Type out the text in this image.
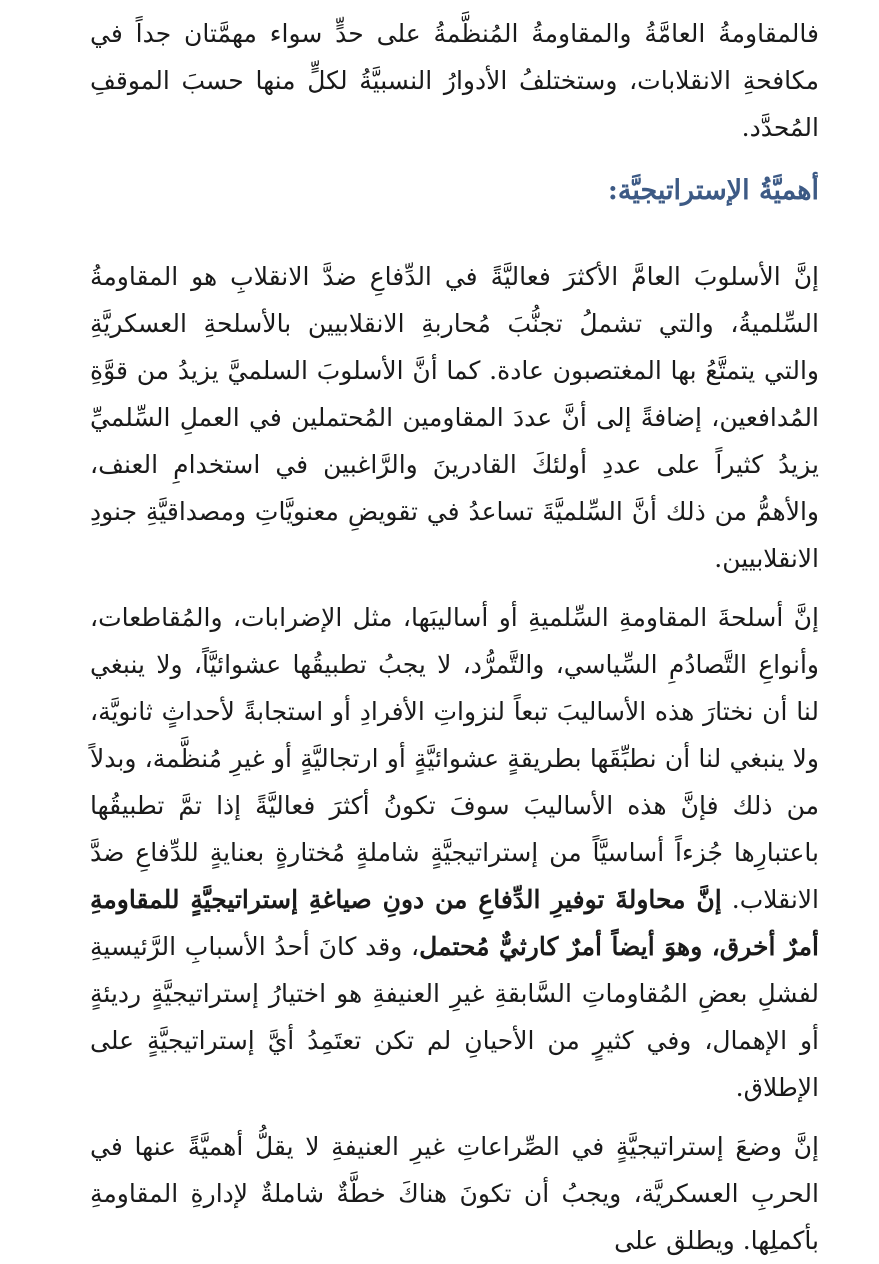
فالمقاومةُ العامَّةُ والمقاومةُ المُنظَّمةُ على حدٍّ سواء مهمَّتان جداً في مكافحةِ الانقلابات، وستختلفُ الأدوارُ النسبيَّةُ لكلٍّ منها حسبَ الموقفِ المُحدَّد.

أهميَّةُ الإستراتيجيَّة:

إنَّ الأسلوبَ العامَّ الأكثرَ فعاليَّةً في الدِّفاعِ ضدَّ الانقلابِ هو المقاومةُ السِّلميةُ، والتي تشملُ تجنُّبَ مُحاربةِ الانقلابيين بالأسلحةِ العسكريَّةِ والتي يتمتَّعُ بها المغتصبون عادة. كما أنَّ الأسلوبَ السلميَّ يزيدُ من قوَّةِ المُدافعين، إضافةً إلى أنَّ عددَ المقاومين المُحتملين في العملِ السِّلميِّ يزيدُ كثيراً على عددِ أولئكَ القادرينَ والرَّاغبين في استخدامِ العنف، والأهمُّ من ذلك أنَّ السِّلميَّةَ تساعدُ في تقويضِ معنويَّاتِ ومصداقيَّةِ جنودِ الانقلابيين.

إنَّ أسلحةَ المقاومةِ السِّلميةِ أو أساليبَها، مثل الإضرابات، والمُقاطعات، وأنواعِ التَّصادُمِ السِّياسي، والتَّمرُّد، لا يجبُ تطبيقُها عشوائيَّاً، ولا ينبغي لنا أن نختارَ هذه الأساليبَ تبعاً لنزواتِ الأفرادِ أو استجابةً لأحداثٍ ثانويَّة، ولا ينبغي لنا أن نطبِّقَها بطريقةٍ عشوائيَّةٍ أو ارتجاليَّةٍ أو غيرِ مُنظَّمة، وبدلاً من ذلك فإنَّ هذه الأساليبَ سوفَ تكونُ أكثرَ فعاليَّةً إذا تمَّ تطبيقُها باعتبارِها جُزءاً أساسيَّاً من إستراتيجيَّةٍ شاملةٍ مُختارةٍ بعنايةٍ للدِّفاعِ ضدَّ الانقلاب. إنَّ محاولةَ توفيرِ الدِّفاعِ من دونِ صياغةِ إستراتيجيَّةٍ للمقاومةِ أمرٌ أخرق، وهوَ أيضاً أمرٌ كارثيٌّ مُحتمل، وقد كانَ أحدُ الأسبابِ الرَّئيسيةِ لفشلِ بعضِ المُقاوماتِ السَّابقةِ غيرِ العنيفةِ هو اختيارُ إستراتيجيَّةٍ رديئةٍ أو الإهمال، وفي كثيرٍ من الأحيانِ لم تكن تعتَمِدُ أيَّ إستراتيجيَّةٍ على الإطلاق.

إنَّ وضعَ إستراتيجيَّةٍ في الصِّراعاتِ غيرِ العنيفةِ لا يقلُّ أهميَّةً عنها في الحربِ العسكريَّة، ويجبُ أن تكونَ هناكَ خطَّةٌ شاملةٌ لإدارةِ المقاومةِ بأكملِها. ويطلق على
